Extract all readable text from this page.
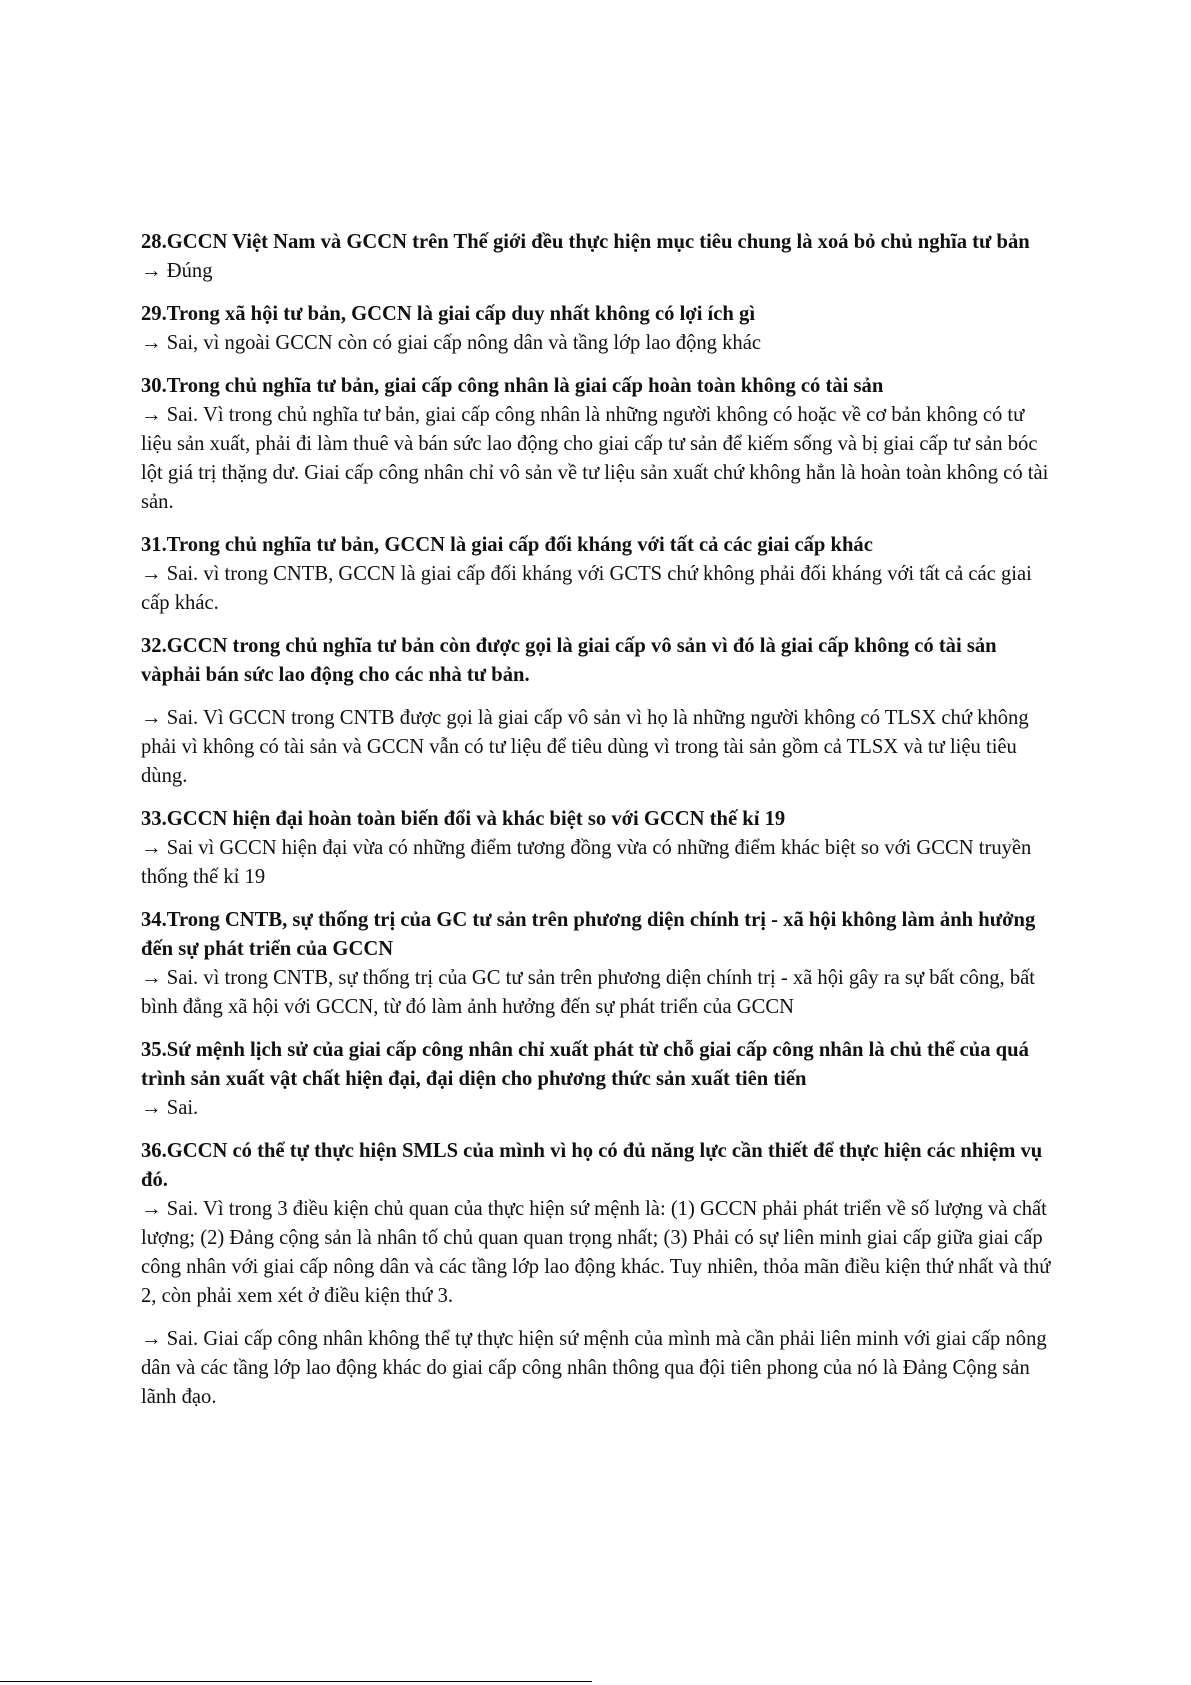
28.GCCN Việt Nam và GCCN trên Thế giới đều thực hiện mục tiêu chung là xoá bỏ chủ nghĩa tư bản

→ Đúng

29.Trong xã hội tư bản, GCCN là giai cấp duy nhất không có lợi ích gì

→ Sai, vì ngoài GCCN còn có giai cấp nông dân và tầng lớp lao động khác

30.Trong chủ nghĩa tư bản, giai cấp công nhân là giai cấp hoàn toàn không có tài sản

→ Sai. Vì trong chủ nghĩa tư bản, giai cấp công nhân là những người không có hoặc về cơ bản không có tư liệu sản xuất, phải đi làm thuê và bán sức lao động cho giai cấp tư sản để kiếm sống và bị giai cấp tư sản bóc lột giá trị thặng dư. Giai cấp công nhân chỉ vô sản về tư liệu sản xuất chứ không hẳn là hoàn toàn không có tài sản.

31.Trong chủ nghĩa tư bản, GCCN là giai cấp đối kháng với tất cả các giai cấp khác

→ Sai. vì trong CNTB, GCCN là giai cấp đối kháng với GCTS chứ không phải đối kháng với tất cả các giai cấp khác.

32.GCCN trong chủ nghĩa tư bản còn được gọi là giai cấp vô sản vì đó là giai cấp không có tài sản vàphải bán sức lao động cho các nhà tư bản.

→ Sai. Vì GCCN trong CNTB được gọi là giai cấp vô sản vì họ là những người không có TLSX chứ không phải vì không có tài sản và GCCN vẫn có tư liệu để tiêu dùng vì trong tài sản gồm cả TLSX và tư liệu tiêu dùng.

33.GCCN hiện đại hoàn toàn biến đổi và khác biệt so với GCCN thế kỉ 19

→ Sai vì GCCN hiện đại vừa có những điểm tương đồng vừa có những điểm khác biệt so với GCCN truyền thống thế kỉ 19

34.Trong CNTB, sự thống trị của GC tư sản trên phương diện chính trị - xã hội không làm ảnh hưởng đến sự phát triển của GCCN

→ Sai. vì trong CNTB, sự thống trị của GC tư sản trên phương diện chính trị - xã hội gây ra sự bất công, bất bình đẳng xã hội với GCCN, từ đó làm ảnh hưởng đến sự phát triển của GCCN

35.Sứ mệnh lịch sử của giai cấp công nhân chỉ xuất phát từ chỗ giai cấp công nhân là chủ thể của quá trình sản xuất vật chất hiện đại, đại diện cho phương thức sản xuất tiên tiến

→ Sai.

36.GCCN có thể tự thực hiện SMLS của mình vì họ có đủ năng lực cần thiết để thực hiện các nhiệm vụ đó.

→ Sai. Vì trong 3 điều kiện chủ quan của thực hiện sứ mệnh là: (1) GCCN phải phát triển về số lượng và chất lượng; (2) Đảng cộng sản là nhân tố chủ quan quan trọng nhất; (3) Phải có sự liên minh giai cấp giữa giai cấp công nhân với giai cấp nông dân và các tầng lớp lao động khác. Tuy nhiên, thỏa mãn điều kiện thứ nhất và thứ 2, còn phải xem xét ở điều kiện thứ 3.

→ Sai. Giai cấp công nhân không thể tự thực hiện sứ mệnh của mình mà cần phải liên minh với giai cấp nông dân và các tầng lớp lao động khác do giai cấp công nhân thông qua đội tiên phong của nó là Đảng Cộng sản lãnh đạo.
